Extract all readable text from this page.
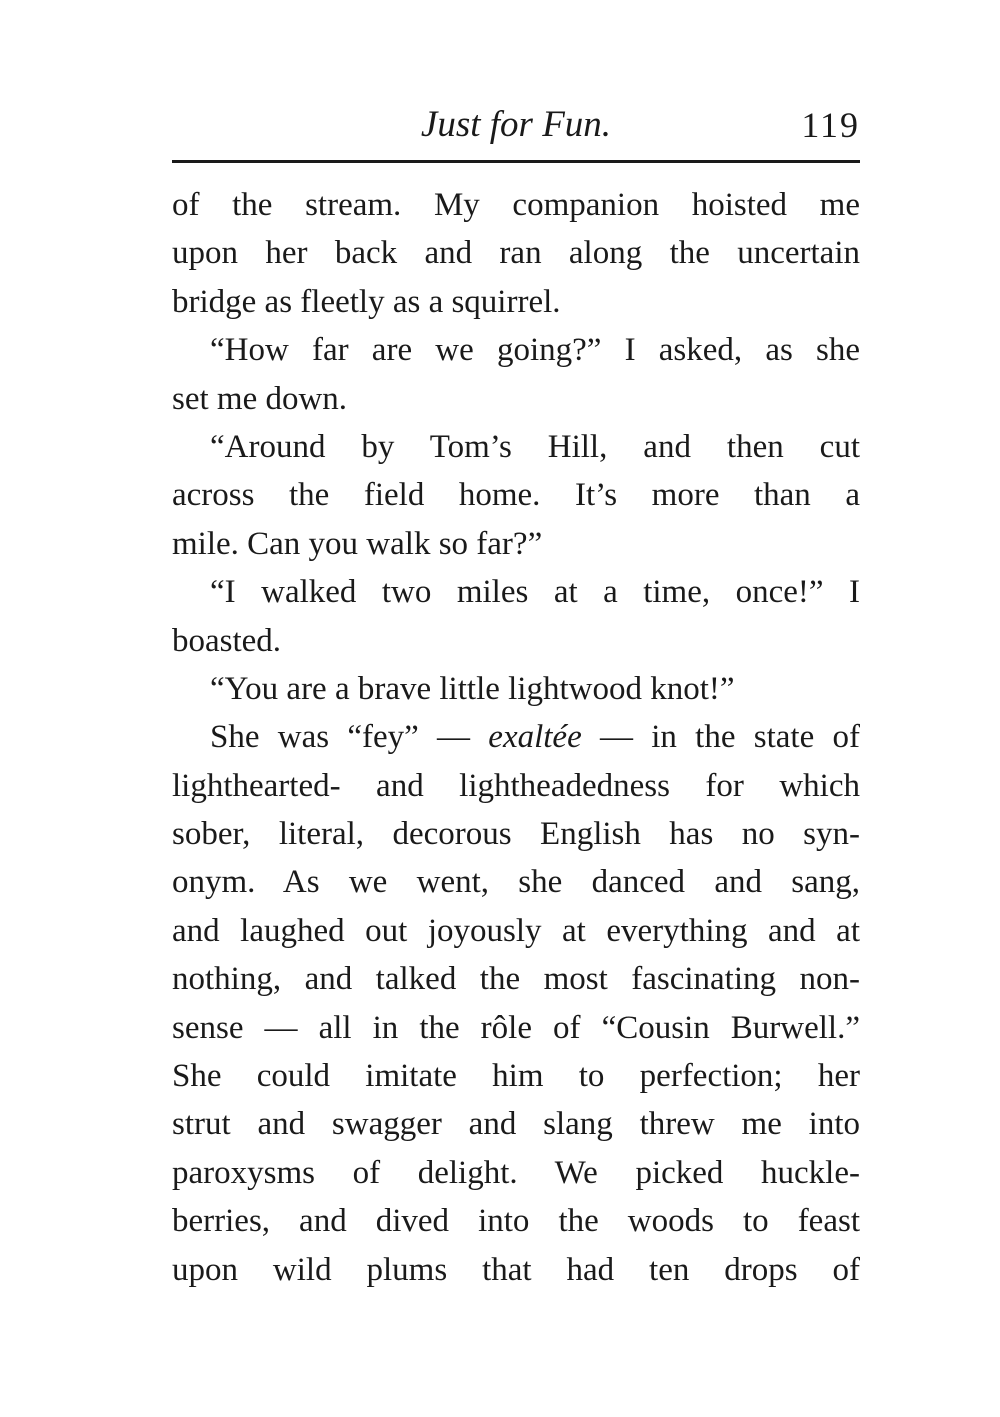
Just for Fun.	119
of the stream. My companion hoisted me
upon her back and ran along the uncertain
bridge as fleetly as a squirrel.
“How far are we going?” I asked, as she
set me down.
“Around by Tom’s Hill, and then cut
across the field home. It’s more than a
mile. Can you walk so far?”
“I walked two miles at a time, once!” I
boasted.
“You are a brave little lightwood knot!”
She was “fey” — exaltée — in the state of
lighthearted- and lightheadedness for which
sober, literal, decorous English has no syn-
onym. As we went, she danced and sang,
and laughed out joyously at everything and at
nothing, and talked the most fascinating non-
sense — all in the rôle of “Cousin Burwell.”
She could imitate him to perfection; her
strut and swagger and slang threw me into
paroxysms of delight. We picked huckle-
berries, and dived into the woods to feast
upon wild plums that had ten drops of
